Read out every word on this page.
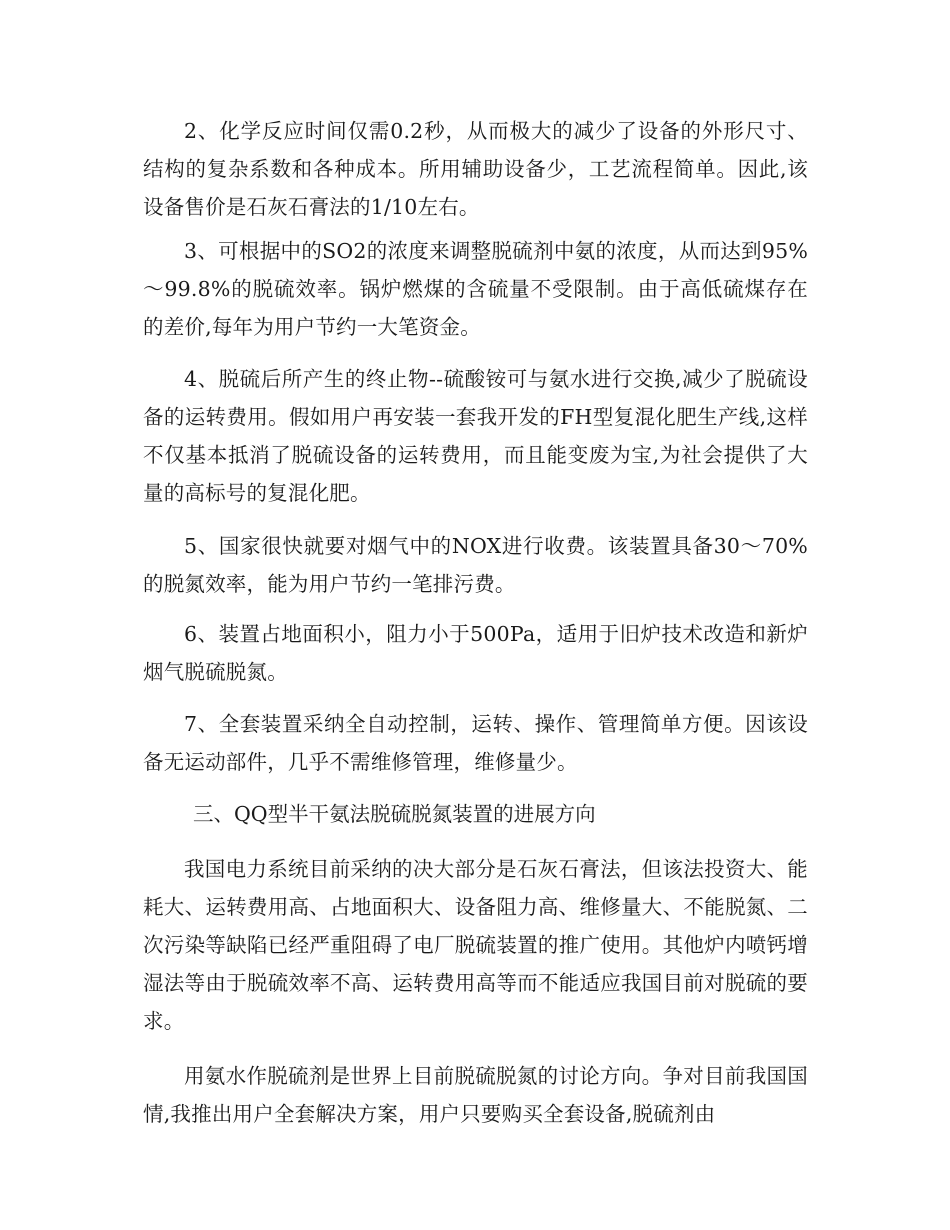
2、化学反应时间仅需0.2秒，从而极大的减少了设备的外形尺寸、结构的复杂系数和各种成本。所用辅助设备少，工艺流程简单。因此,该设备售价是石灰石膏法的1/10左右。

3、可根据中的SO2的浓度来调整脱硫剂中氨的浓度，从而达到95%～99.8%的脱硫效率。锅炉燃煤的含硫量不受限制。由于高低硫煤存在的差价,每年为用户节约一大笔资金。

4、脱硫后所产生的终止物--硫酸铵可与氨水进行交换,减少了脱硫设备的运转费用。假如用户再安装一套我开发的FH型复混化肥生产线,这样不仅基本抵消了脱硫设备的运转费用，而且能变废为宝,为社会提供了大量的高标号的复混化肥。

5、国家很快就要对烟气中的NOX进行收费。该装置具备30～70%的脱氮效率，能为用户节约一笔排污费。

6、装置占地面积小，阻力小于500Pa，适用于旧炉技术改造和新炉烟气脱硫脱氮。

7、全套装置采纳全自动控制，运转、操作、管理简单方便。因该设备无运动部件，几乎不需维修管理，维修量少。

三、QQ型半干氨法脱硫脱氮装置的进展方向

我国电力系统目前采纳的决大部分是石灰石膏法，但该法投资大、能耗大、运转费用高、占地面积大、设备阻力高、维修量大、不能脱氮、二次污染等缺陷已经严重阻碍了电厂脱硫装置的推广使用。其他炉内喷钙增湿法等由于脱硫效率不高、运转费用高等而不能适应我国目前对脱硫的要求。

用氨水作脱硫剂是世界上目前脱硫脱氮的讨论方向。争对目前我国国情,我推出用户全套解决方案，用户只要购买全套设备,脱硫剂由
